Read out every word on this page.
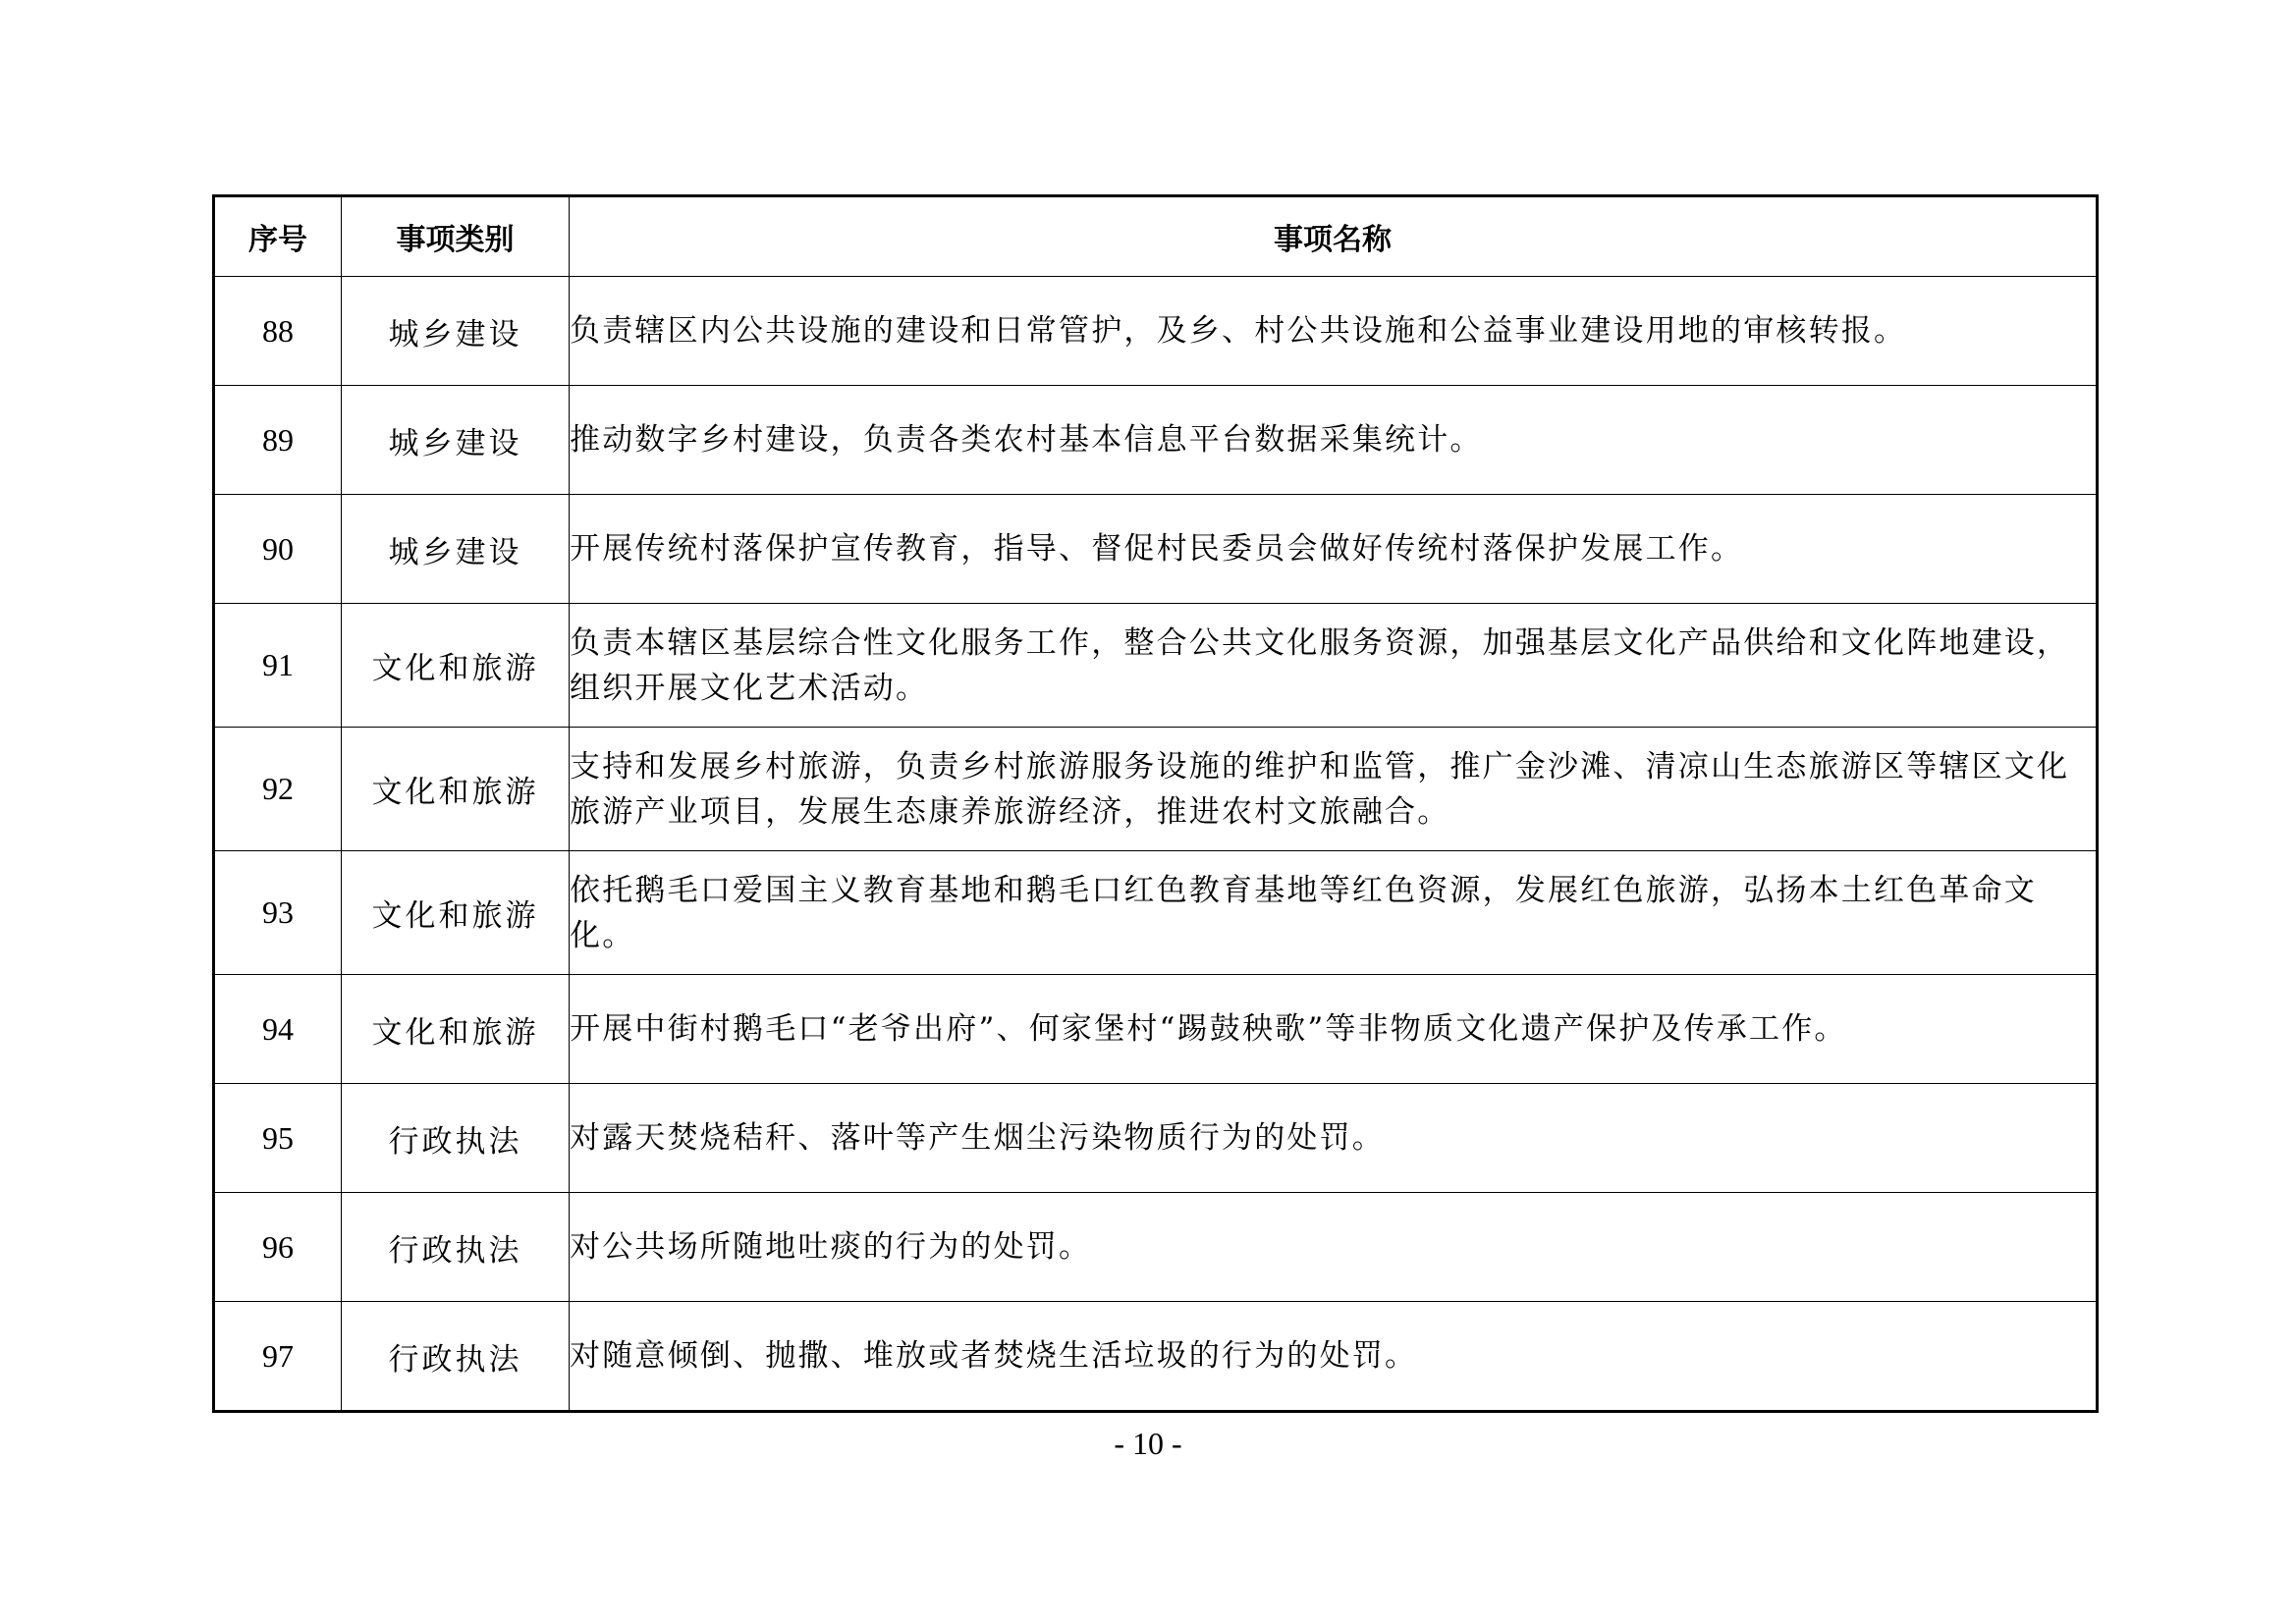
序号	事项类别	事项名称
88	城乡建设	负责辖区内公共设施的建设和日常管护，及乡、村公共设施和公益事业建设用地的审核转报。
89	城乡建设	推动数字乡村建设，负责各类农村基本信息平台数据采集统计。
90	城乡建设	开展传统村落保护宣传教育，指导、督促村民委员会做好传统村落保护发展工作。
91	文化和旅游	负责本辖区基层综合性文化服务工作，整合公共文化服务资源，加强基层文化产品供给和文化阵地建设，组织开展文化艺术活动。
92	文化和旅游	支持和发展乡村旅游，负责乡村旅游服务设施的维护和监管，推广金沙滩、清凉山生态旅游区等辖区文化旅游产业项目，发展生态康养旅游经济，推进农村文旅融合。
93	文化和旅游	依托鹅毛口爱国主义教育基地和鹅毛口红色教育基地等红色资源，发展红色旅游，弘扬本土红色革命文化。
94	文化和旅游	开展中街村鹅毛口“老爷出府”、何家堡村“踢鼓秧歌”等非物质文化遗产保护及传承工作。
95	行政执法	对露天焚烧秸秆、落叶等产生烟尘污染物质行为的处罚。
96	行政执法	对公共场所随地吐痰的行为的处罚。
97	行政执法	对随意倾倒、抛撒、堆放或者焚烧生活垃圾的行为的处罚。
- 10 -
